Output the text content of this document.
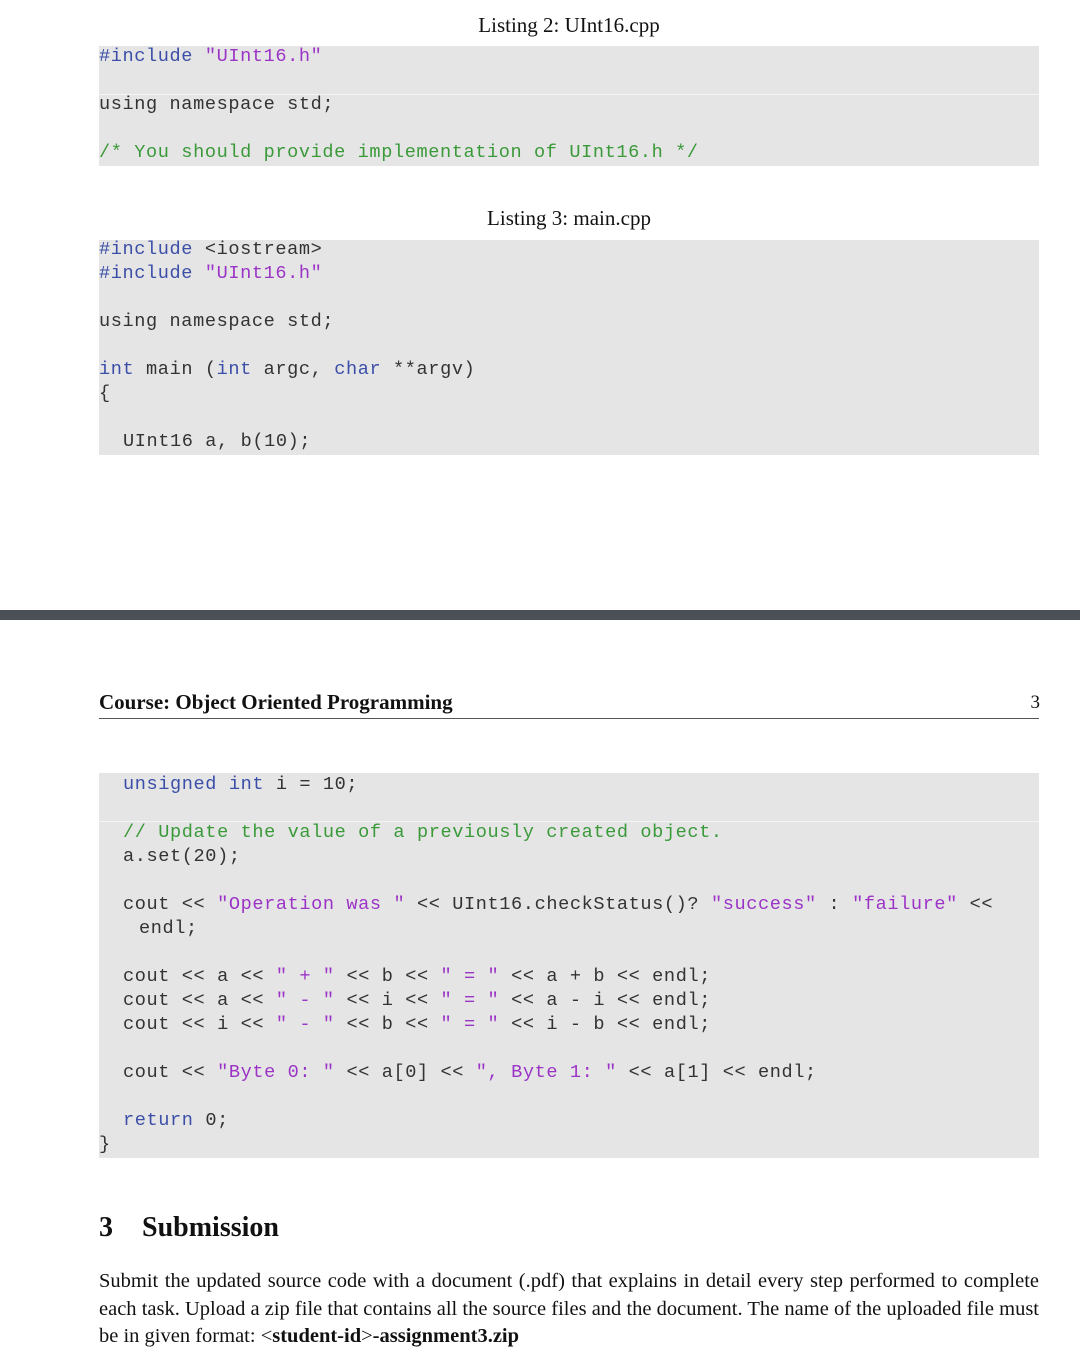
Listing 2: UInt16.cpp
#include "UInt16.h"
using namespace std;
/* You should provide implementation of UInt16.h */
Listing 3: main.cpp
#include <iostream>
#include "UInt16.h"
using namespace std;
int main (int argc, char **argv)
{
UInt16 a, b(10);
Course: Object Oriented Programming	3
unsigned int i = 10;
// Update the value of a previously created object.
a.set(20);
cout << "Operation was " << UInt16.checkStatus()? "success" : "failure" <<
endl;
cout << a << " + " << b << " = " << a + b << endl;
cout << a << " - " << i << " = " << a - i << endl;
cout << i << " - " << b << " = " << i - b << endl;
cout << "Byte 0: " << a[0] << ", Byte 1: " << a[1] << endl;
return 0;
}
3 Submission
Submit the updated source code with a document (.pdf) that explains in detail every step performed to complete each task. Upload a zip file that contains all the source files and the document. The name of the uploaded file must be in given format: <student-id>-assignment3.zip
